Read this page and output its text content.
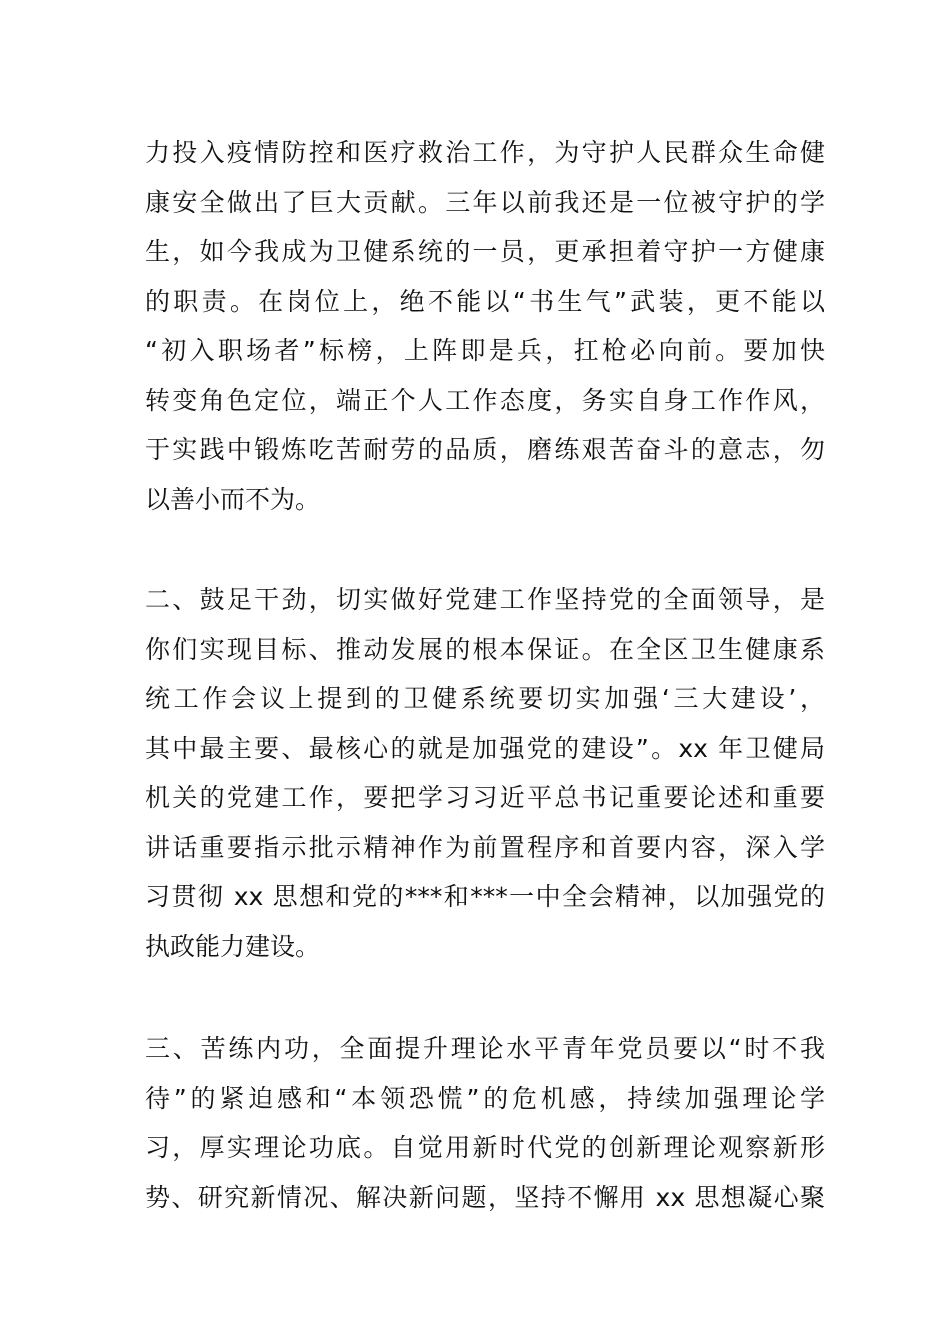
力投入疫情防控和医疗救治工作，为守护人民群众生命健
康安全做出了巨大贡献。三年以前我还是一位被守护的学
生，如今我成为卫健系统的一员，更承担着守护一方健康
的职责。在岗位上，绝不能以“书生气”武装，更不能以
“初入职场者”标榜，上阵即是兵，扛枪必向前。要加快
转变角色定位，端正个人工作态度，务实自身工作作风，
于实践中锻炼吃苦耐劳的品质，磨练艰苦奋斗的意志，勿
以善小而不为。
二、鼓足干劲，切实做好党建工作坚持党的全面领导，是
你们实现目标、推动发展的根本保证。在全区卫生健康系
统工作会议上提到的卫健系统要切实加强‘三大建设’，
其中最主要、最核心的就是加强党的建设”。xx 年卫健局
机关的党建工作，要把学习习近平总书记重要论述和重要
讲话重要指示批示精神作为前置程序和首要内容，深入学
习贯彻 xx 思想和党的***和***一中全会精神，以加强党的
执政能力建设。
三、苦练内功，全面提升理论水平青年党员要以“时不我
待”的紧迫感和“本领恐慌”的危机感，持续加强理论学
习，厚实理论功底。自觉用新时代党的创新理论观察新形
势、研究新情况、解决新问题，坚持不懈用 xx 思想凝心聚
